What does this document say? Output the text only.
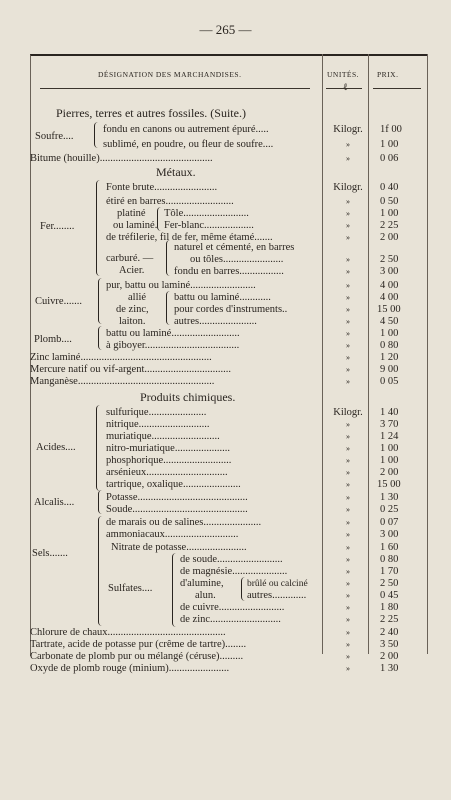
— 265 —
DÉSIGNATION DES MARCHANDISES.	UNITÉS. PRIX.
ℓ
Pierres, terres et autres fossiles. (Suite.)
Soufre....
fondu en canons ou autrement épuré.....
sublimé, en poudre, ou fleur de soufre....
Bitume (houille)...........................................
Métaux.
Fer........
Fonte brute........................
étiré en barres..........................
platiné Tôle.........................
ou laminé. Fer-blanc...................
de tréfilerie, fil de fer, même étamé.......
carburé. —
Acier.
naturel et cémenté, en barres
ou tôles.......................
fondu en barres.................
Cuivre.......
pur, battu ou laminé.........................
allié
de zinc,
laiton.
battu ou laminé............
pour cordes d'instruments..
autres......................
Plomb....
battu ou laminé..........................
à giboyer....................................
Zinc laminé..................................................
Mercure natif ou vif-argent.................................
Manganèse....................................................
Produits chimiques.
Acides....
sulfurique......................
nitrique...........................
muriatique..........................
nitro-muriatique.....................
phosphorique..........................
arsénieux...............................
tartrique, oxalique......................
Alcalis....	Potasse..........................................
Soude............................................
Sels.......
de marais ou de salines......................
ammoniacaux............................
Nitrate de potasse.......................
Sulfates....
de soude.........................
de magnésie.....................
d'alumine,
alun.
brûlé ou calciné
autres.............
de cuivre.........................
de zinc...........................
Chlorure de chaux.............................................
Tartrate, acide de potasse pur (crême de tartre)........
Carbonate de plomb pur ou mélangé (céruse).........
Oxyde de plomb rouge (minium).......................
Kilogr.
»
»
Kilogr.
»
»
»
»
»
»
»
»
»
»
»
»
»
»
»
Kilogr.
»
»
»
»
»
»
»
»
»
»
»
»
»
»
»
»
»
»
»
»
»
1f 00
1 00
0 06
0 40
0 50
1 00
2 25
2 00
2 50
3 00
4 00
4 00
15 00
4 50
1 00
0 80
1 20
9 00
0 05
1 40
3 70
1 24
1 00
1 00
2 00
15 00
1 30
0 25
0 07
3 00
1 60
0 80
1 70
2 50
0 45
1 80
2 25
2 40
3 50
2 00
1 30
